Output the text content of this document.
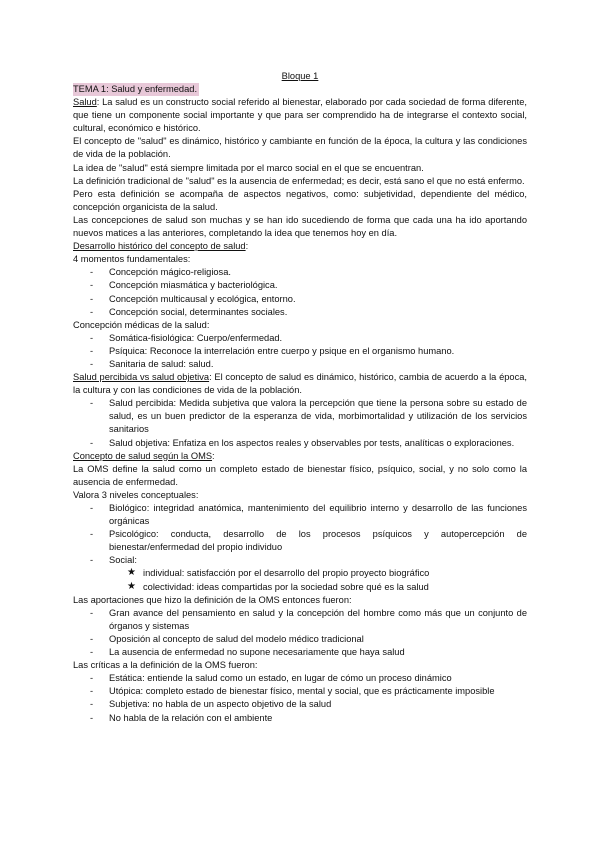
Bloque 1
TEMA 1: Salud y enfermedad.

Salud: La salud es un constructo social referido al bienestar, elaborado por cada sociedad de forma diferente, que tiene un componente social importante y que para ser comprendido ha de integrarse el contexto social, cultural, económico e histórico.

El concepto de "salud" es dinámico, histórico y cambiante en función de la época, la cultura y las condiciones de vida de la población.

La idea de "salud" está siempre limitada por el marco social en el que se encuentran.

La definición tradicional de "salud" es la ausencia de enfermedad; es decir, está sano el que no está enfermo.

Pero esta definición se acompaña de aspectos negativos, como: subjetividad, dependiente del médico, concepción organicista de la salud.

Las concepciones de salud son muchas y se han ido sucediendo de forma que cada una ha ido aportando nuevos matices a las anteriores, completando la idea que tenemos hoy en día.

Desarrollo histórico del concepto de salud:

4 momentos fundamentales:

- Concepción mágico-religiosa.
- Concepción miasmática y bacteriológica.
- Concepción multicausal y ecológica, entorno.
- Concepción social, determinantes sociales.

Concepción médicas de la salud:

- Somática-fisiológica: Cuerpo/enfermedad.
- Psíquica: Reconoce la interrelación entre cuerpo y psique en el organismo humano.
- Sanitaria de salud: salud.

Salud percibida vs salud objetiva: El concepto de salud es dinámico, histórico, cambia de acuerdo a la época, la cultura y con las condiciones de vida de la población.

- Salud percibida: Medida subjetiva que valora la percepción que tiene la persona sobre su estado de salud, es un buen predictor de la esperanza de vida, morbimortalidad y utilización de los servicios sanitarios
- Salud objetiva: Enfatiza en los aspectos reales y observables por tests, analíticas o exploraciones.

Concepto de salud según la OMS:

La OMS define la salud como un completo estado de bienestar físico, psíquico, social, y no solo como la ausencia de enfermedad.

Valora 3 niveles conceptuales:

- Biológico: integridad anatómica, mantenimiento del equilibrio interno y desarrollo de las funciones orgánicas
- Psicológico: conducta, desarrollo de los procesos psíquicos y autopercepción de bienestar/enfermedad del propio individuo
- Social:
★ individual: satisfacción por el desarrollo del propio proyecto biográfico
★ colectividad: ideas compartidas por la sociedad sobre qué es la salud

Las aportaciones que hizo la definición de la OMS entonces fueron:

- Gran avance del pensamiento en salud y la concepción del hombre como más que un conjunto de órganos y sistemas
- Oposición al concepto de salud del modelo médico tradicional
- La ausencia de enfermedad no supone necesariamente que haya salud

Las críticas a la definición de la OMS fueron:

- Estática: entiende la salud como un estado, en lugar de cómo un proceso dinámico
- Utópica: completo estado de bienestar físico, mental y social, que es prácticamente imposible
- Subjetiva: no habla de un aspecto objetivo de la salud
- No habla de la relación con el ambiente
